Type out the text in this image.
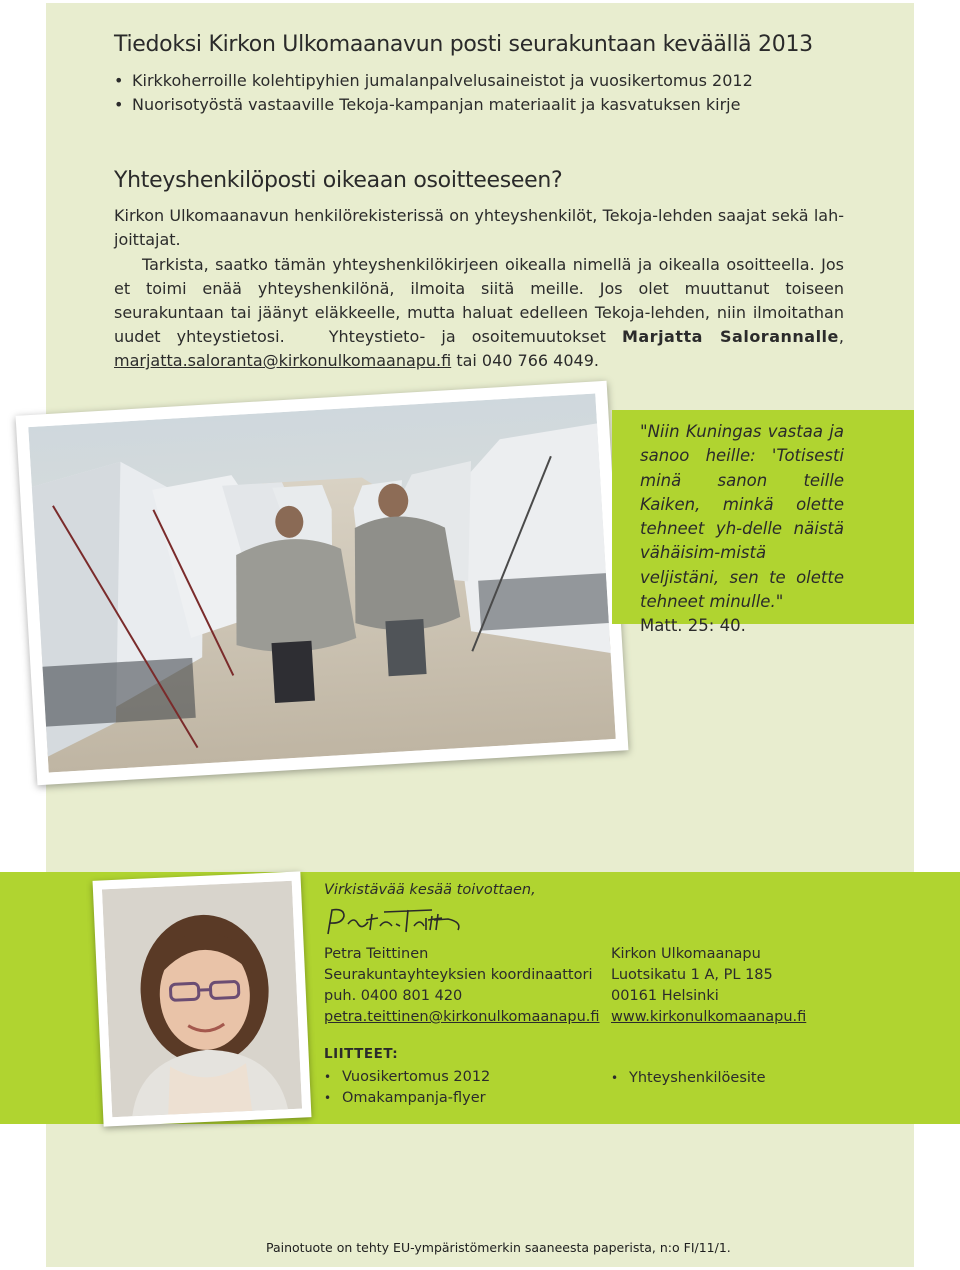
Tiedoksi Kirkon Ulkomaanavun posti seurakuntaan keväällä 2013
• Kirkkoherroille kolehtipyhien jumalanpalvelusaineistot ja vuosikertomus 2012
• Nuorisotyöstä vastaaville Tekoja-kampanjan materiaalit ja kasvatuksen kirje
Yhteyshenkilöposti oikeaan osoitteeseen?

Kirkon Ulkomaanavun henkilörekisterissä on yhteyshenkilöt, Tekoja-lehden saajat sekä lah-joittajat.

Tarkista, saatko tämän yhteyshenkilökirjeen oikealla nimellä ja oikealla osoitteella. Jos et toimi enää yhteyshenkilönä, ilmoita siitä meille. Jos olet muuttanut toiseen seurakuntaan tai jäänyt eläkkeelle, mutta haluat edelleen Tekoja-lehden, niin ilmoitathan uudet yhteystietosi.	Yhteystieto- ja osoitemuutokset Marjatta Salorannalle, marjatta.saloranta@kirkonulkomaanapu.fi tai 040 766 4049.

"Niin Kuningas vastaa ja sanoo heille: 'Totisesti minä sanon teille Kaiken, minkä olette tehneet yh-delle näistä vähäisim-mistä veljistäni, sen te olette tehneet minulle."
Matt. 25: 40.

Virkistävää kesää toivottaen,

Petra Teittinen
Seurakuntayhteyksien koordinaattori
puh. 0400 801 420
petra.teittinen@kirkonulkomaanapu.fi
Kirkon Ulkomaanapu
Luotsikatu 1 A, PL 185
00161 Helsinki
www.kirkonulkomaanapu.fi

LIITTEET:

• Vuosikertomus 2012
• Omakampanja-flyer
• Yhteyshenkilöesite

Painotuote on tehty EU-ympäristömerkin saaneesta paperista, n:o FI/11/1.
